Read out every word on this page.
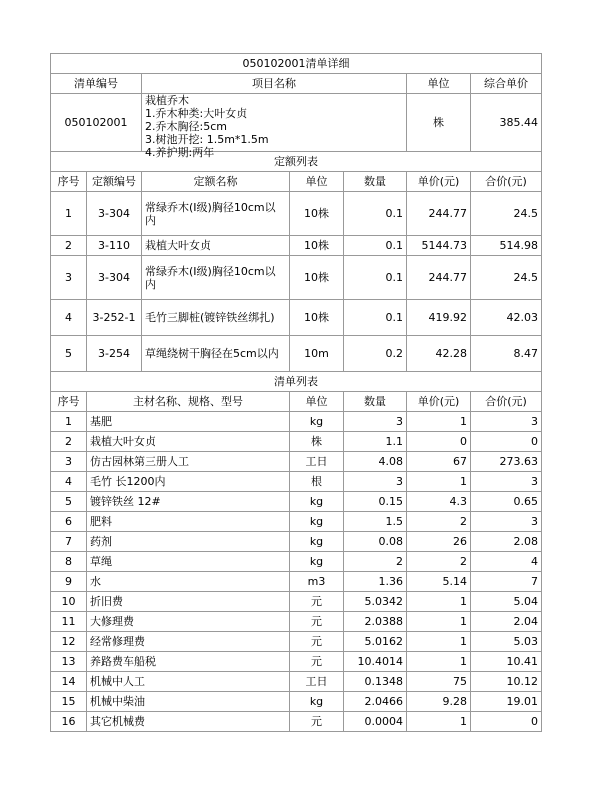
050102001清单详细						
清单编号		项目名称			单位	综合单价
050102001		栽植乔木
1.乔木种类:大叶女贞
2.乔木胸径:5cm
3.树池开挖: 1.5m*1.5m
4.养护期:两年			株	385.44
定额列表						
序号	定额编号	定额名称	单位	数量	单价(元)	合价(元)
1	3-304	常绿乔木(I级)胸径10cm以内	10株	0.1	244.77	24.5
2	3-110	栽植大叶女贞	10株	0.1	5144.73	514.98
3	3-304	常绿乔木(I级)胸径10cm以内	10株	0.1	244.77	24.5
4	3-252-1	毛竹三脚桩(镀锌铁丝绑扎)	10株	0.1	419.92	42.03
5	3-254	草绳绕树干胸径在5cm以内	10m	0.2	42.28	8.47
清单列表						
序号	主材名称、规格、型号		单位	数量	单价(元)	合价(元)
1	基肥		kg	3	1	3
2	栽植大叶女贞		株	1.1	0	0
3	仿古园林第三册人工		工日	4.08	67	273.63
4	毛竹 长1200内		根	3	1	3
5	镀锌铁丝 12#		kg	0.15	4.3	0.65
6	肥料		kg	1.5	2	3
7	药剂		kg	0.08	26	2.08
8	草绳		kg	2	2	4
9	水		m3	1.36	5.14	7
10	折旧费		元	5.0342	1	5.04
11	大修理费		元	2.0388	1	2.04
12	经常修理费		元	5.0162	1	5.03
13	养路费车船税		元	10.4014	1	10.41
14	机械中人工		工日	0.1348	75	10.12
15	机械中柴油		kg	2.0466	9.28	19.01
16	其它机械费		元	0.0004	1	0
